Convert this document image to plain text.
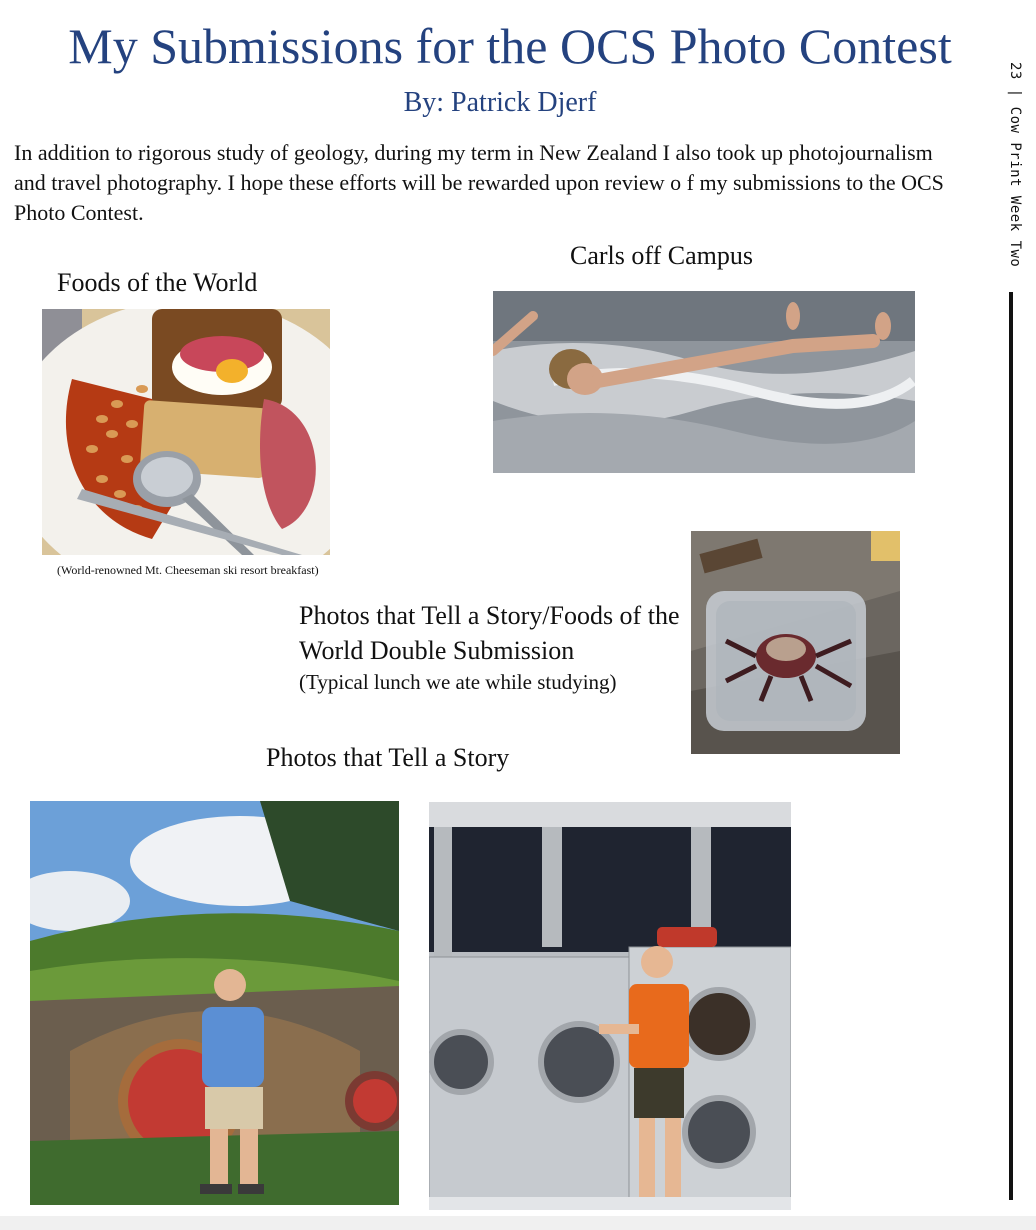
My Submissions for the OCS Photo Contest
By: Patrick Djerf

In addition to rigorous study of geology, during my term in New Zealand I also took up photojournalism and travel photography. I hope these efforts will be rewarded upon review o f my submissions to the OCS Photo Contest.	23 | Cow Print Week Two
Foods of the World
(World-renowned Mt. Cheeseman ski resort breakfast)
Carls off Campus
Photos that Tell a Story/Foods of the World Double Submission
(Typical lunch we ate while studying)
Photos that Tell a Story
